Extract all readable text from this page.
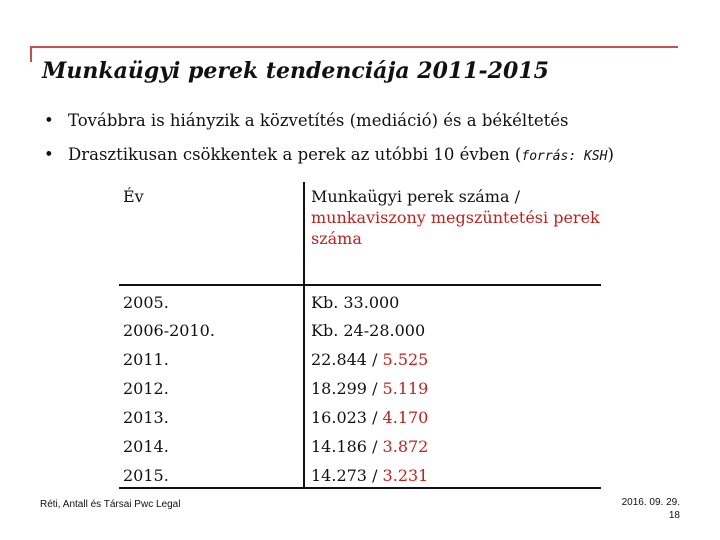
Munkaügyi perek tendenciája 2011-2015
• Továbbra is hiányzik a közvetítés (mediáció) és a békéltetés
• Drasztikusan csökkentek a perek az utóbbi 10 évben (forrás: KSH)
Év	Munkaügyi perek száma /
munkaviszony megszüntetési perek száma
2005.	Kb. 33.000
2006-2010.	Kb. 24-28.000
2011.	22.844 / 5.525
2012.	18.299 / 5.119
2013.	16.023 / 4.170
2014.	14.186 / 3.872
2015.	14.273 / 3.231
Réti, Antall és Társai Pwc Legal	2016. 09. 29.
18
